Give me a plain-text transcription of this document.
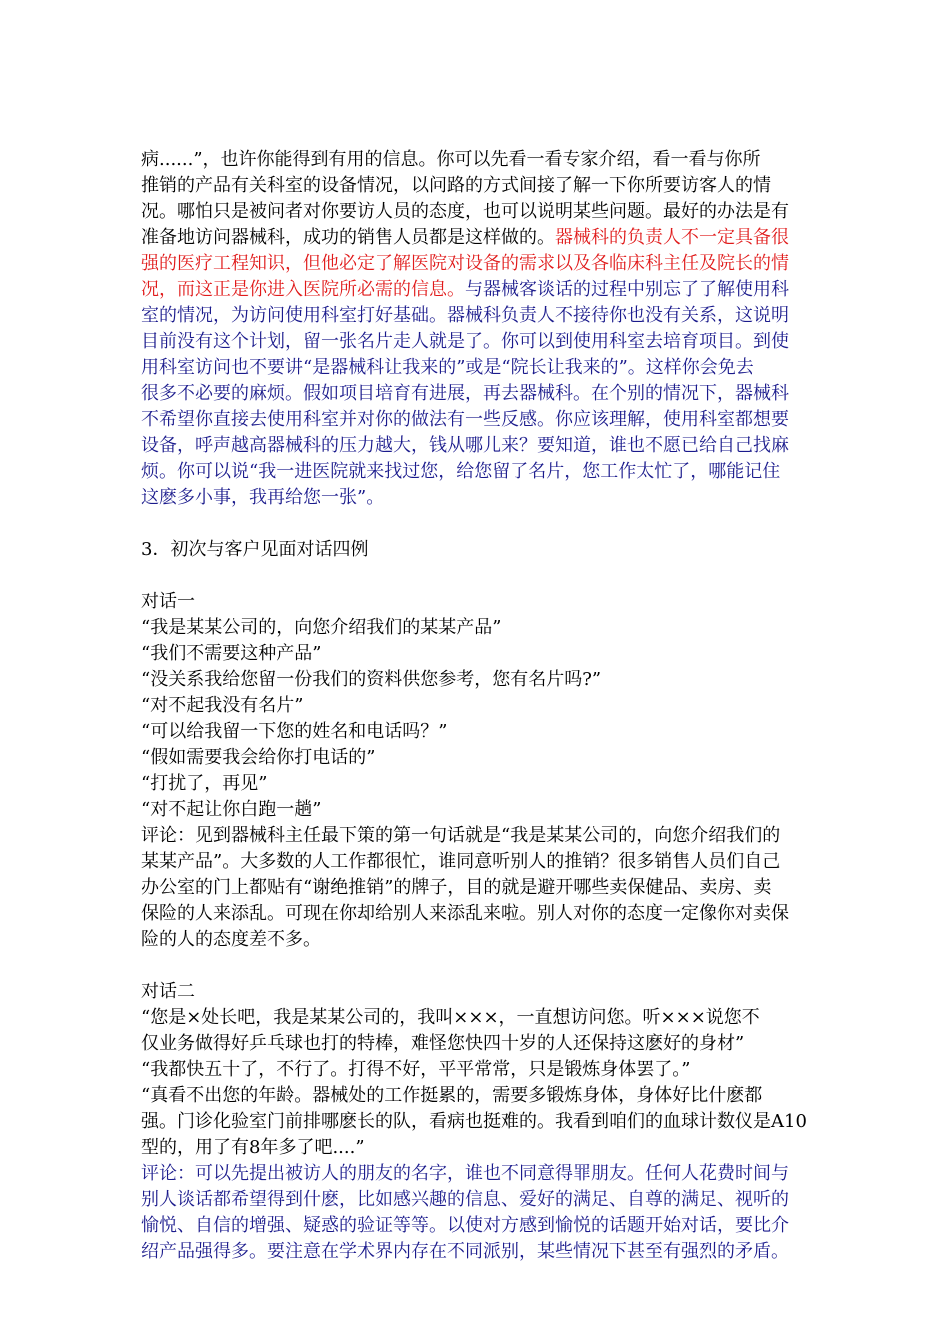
病......”，也许你能得到有用的信息。你可以先看一看专家介绍，看一看与你所
推销的产品有关科室的设备情况，以问路的方式间接了解一下你所要访客人的情
况。哪怕只是被问者对你要访人员的态度，也可以说明某些问题。最好的办法是有
准备地访问器械科，成功的销售人员都是这样做的。器械科的负责人不一定具备很
强的医疗工程知识，但他必定了解医院对设备的需求以及各临床科主任及院长的情
况，而这正是你进入医院所必需的信息。与器械客谈话的过程中别忘了了解使用科
室的情况，为访问使用科室打好基础。器械科负责人不接待你也没有关系，这说明
目前没有这个计划，留一张名片走人就是了。你可以到使用科室去培育项目。到使
用科室访问也不要讲“是器械科让我来的”或是“院长让我来的”。这样你会免去
很多不必要的麻烦。假如项目培育有进展，再去器械科。在个别的情况下，器械科
不希望你直接去使用科室并对你的做法有一些反感。你应该理解，使用科室都想要
设备，呼声越高器械科的压力越大，钱从哪儿来？要知道，谁也不愿已给自己找麻
烦。你可以说“我一进医院就来找过您，给您留了名片，您工作太忙了，哪能记住
这麽多小事，我再给您一张”。
3．初次与客户见面对话四例
对话一
“我是某某公司的，向您介绍我们的某某产品”
“我们不需要这种产品”
“没关系我给您留一份我们的资料供您参考，您有名片吗?”
“对不起我没有名片”
“可以给我留一下您的姓名和电话吗？”
“假如需要我会给你打电话的”
“打扰了，再见”
“对不起让你白跑一趟”
评论：见到器械科主任最下策的第一句话就是“我是某某公司的，向您介绍我们的
某某产品”。大多数的人工作都很忙，谁同意听别人的推销？很多销售人员们自己
办公室的门上都贴有“谢绝推销”的牌子，目的就是避开哪些卖保健品、卖房、卖
保险的人来添乱。可现在你却给别人来添乱来啦。别人对你的态度一定像你对卖保
险的人的态度差不多。
对话二
“您是×处长吧，我是某某公司的，我叫×××，一直想访问您。听×××说您不
仅业务做得好乒乓球也打的特棒，难怪您快四十岁的人还保持这麽好的身材”
“我都快五十了，不行了。打得不好，平平常常，只是锻炼身体罢了。”
“真看不出您的年龄。器械处的工作挺累的，需要多锻炼身体，身体好比什麽都
强。门诊化验室门前排哪麽长的队，看病也挺难的。我看到咱们的血球计数仪是A10
型的，用了有8年多了吧....”
评论：可以先提出被访人的朋友的名字，谁也不同意得罪朋友。任何人花费时间与
别人谈话都希望得到什麽，比如感兴趣的信息、爱好的满足、自尊的满足、视听的
愉悦、自信的增强、疑惑的验证等等。以使对方感到愉悦的话题开始对话，要比介
绍产品强得多。要注意在学术界内存在不同派别，某些情况下甚至有强烈的矛盾。
